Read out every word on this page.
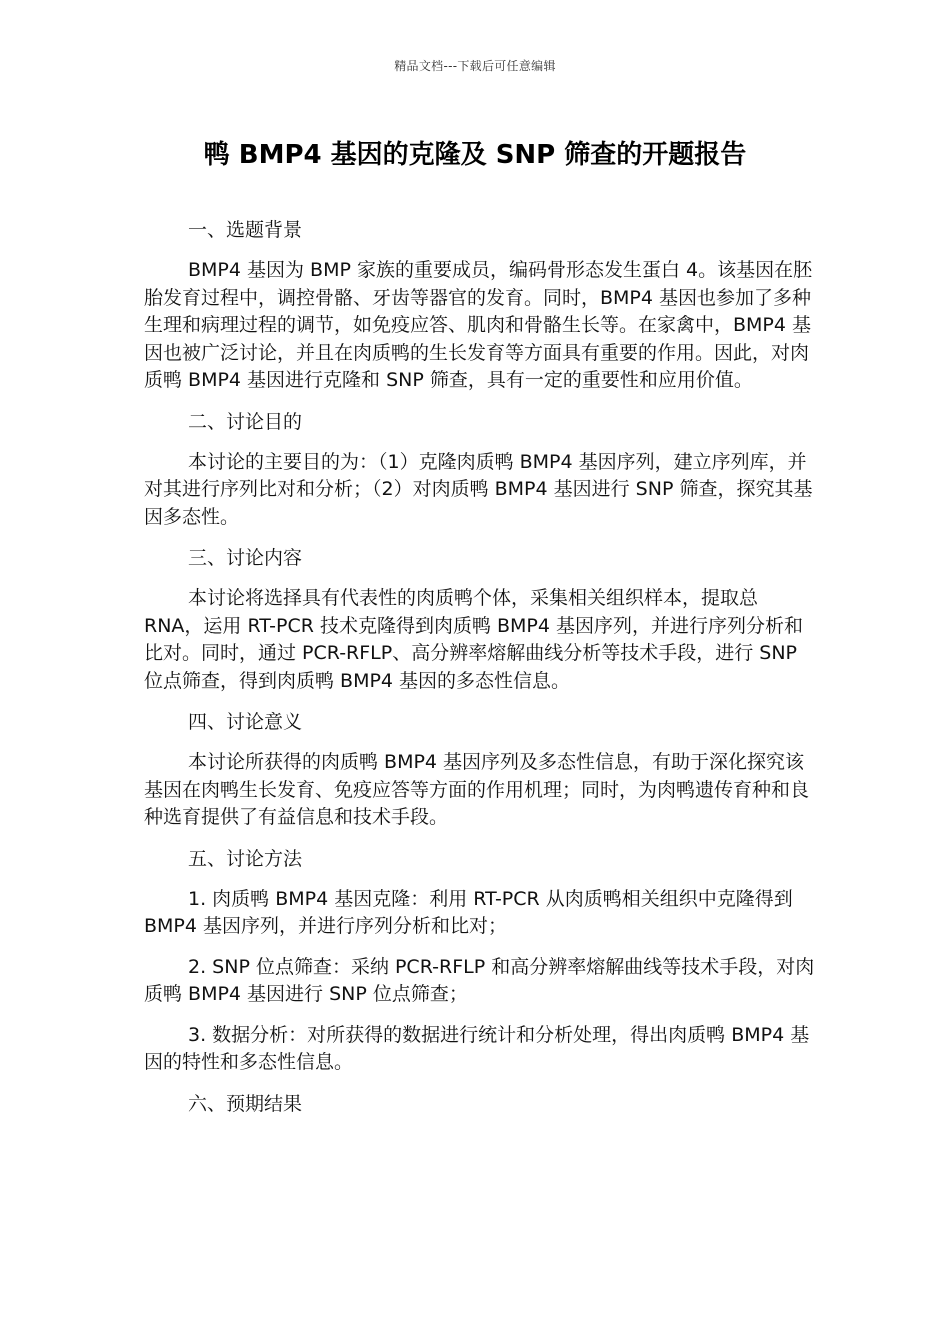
精品文档---下载后可任意编辑
鸭 BMP4 基因的克隆及 SNP 筛查的开题报告

一、选题背景

BMP4 基因为 BMP 家族的重要成员，编码骨形态发生蛋白 4。该基因在胚胎发育过程中，调控骨骼、牙齿等器官的发育。同时，BMP4 基因也参加了多种生理和病理过程的调节，如免疫应答、肌肉和骨骼生长等。在家禽中，BMP4 基因也被广泛讨论，并且在肉质鸭的生长发育等方面具有重要的作用。因此，对肉质鸭 BMP4 基因进行克隆和 SNP 筛查，具有一定的重要性和应用价值。

二、讨论目的

本讨论的主要目的为：（1）克隆肉质鸭 BMP4 基因序列，建立序列库，并对其进行序列比对和分析；（2）对肉质鸭 BMP4 基因进行 SNP 筛查，探究其基因多态性。

三、讨论内容

本讨论将选择具有代表性的肉质鸭个体，采集相关组织样本，提取总 RNA，运用 RT-PCR 技术克隆得到肉质鸭 BMP4 基因序列，并进行序列分析和比对。同时，通过 PCR-RFLP、高分辨率熔解曲线分析等技术手段，进行 SNP 位点筛查，得到肉质鸭 BMP4 基因的多态性信息。

四、讨论意义

本讨论所获得的肉质鸭 BMP4 基因序列及多态性信息，有助于深化探究该基因在肉鸭生长发育、免疫应答等方面的作用机理；同时，为肉鸭遗传育种和良种选育提供了有益信息和技术手段。

五、讨论方法

1. 肉质鸭 BMP4 基因克隆：利用 RT-PCR 从肉质鸭相关组织中克隆得到 BMP4 基因序列，并进行序列分析和比对；

2. SNP 位点筛查：采纳 PCR-RFLP 和高分辨率熔解曲线等技术手段，对肉质鸭 BMP4 基因进行 SNP 位点筛查；

3. 数据分析：对所获得的数据进行统计和分析处理，得出肉质鸭 BMP4 基因的特性和多态性信息。

六、预期结果
